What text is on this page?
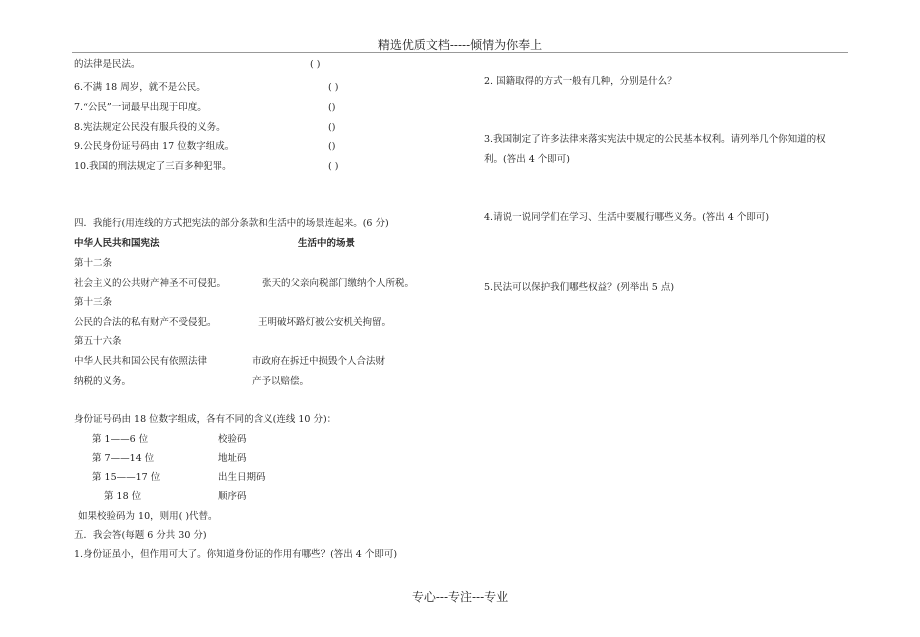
精选优质文档-----倾情为你奉上
的法律是民法。	( )
6.不满 18 周岁，就不是公民。	( )
7.“公民”一词最早出现于印度。	()
8.宪法规定公民没有服兵役的义务。	()
9.公民身份证号码由 17 位数字组成。	()
10.我国的刑法规定了三百多种犯罪。	( )
四．我能行(用连线的方式把宪法的部分条款和生活中的场景连起来。(6 分)
中华人民共和国宪法	生活中的场景
第十二条
社会主义的公共财产神圣不可侵犯。	张天的父亲向税部门缴纳个人所税。
第十三条
公民的合法的私有财产不受侵犯。	王明破坏路灯被公安机关拘留。
第五十六条
中华人民共和国公民有依照法律	市政府在拆迁中损毁个人合法财
纳税的义务。	产予以赔偿。
身份证号码由 18 位数字组成，各有不同的含义(连线 10 分)：
第 1——6 位	校验码
第 7——14 位	地址码
第 15——17 位	出生日期码
第 18 位	顺序码
如果校验码为 10，则用( )代替。
五．我会答(每题 6 分共 30 分)
1.身份证虽小，但作用可大了。你知道身份证的作用有哪些？(答出 4 个即可)
2. 国籍取得的方式一般有几种，分别是什么？
3.我国制定了许多法律来落实宪法中规定的公民基本权利。请列举几个你知道的权
利。(答出 4 个即可)
4.请说一说同学们在学习、生活中要履行哪些义务。(答出 4 个即可)
5.民法可以保护我们哪些权益？(列举出 5 点)
专心---专注---专业
